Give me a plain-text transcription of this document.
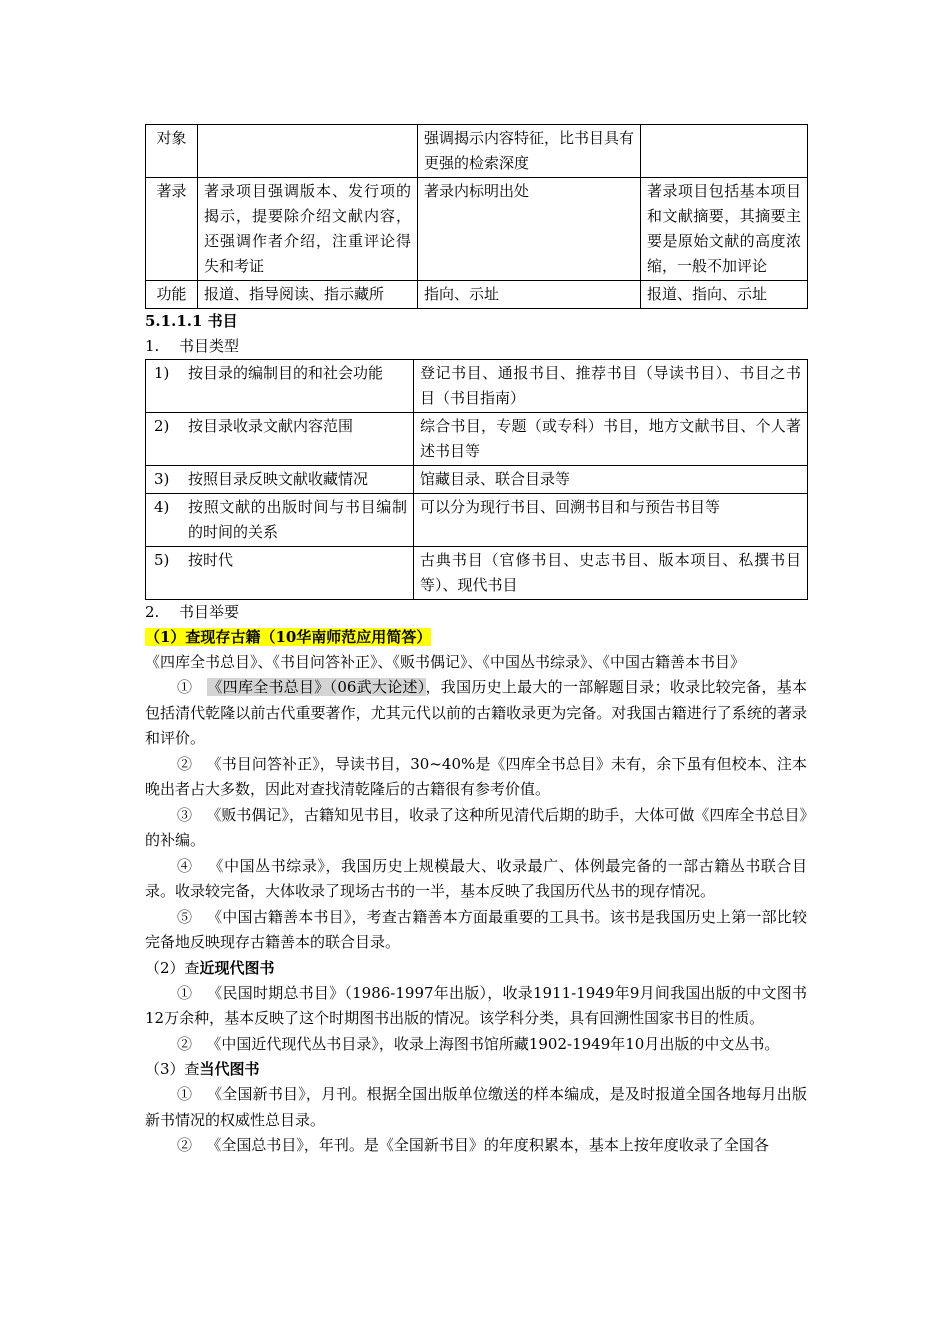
对象		强调揭示内容特征，比书目具有更强的检索深度	
著录	著录项目强调版本、发行项的揭示，提要除介绍文献内容，还强调作者介绍，注重评论得失和考证	著录内标明出处	著录项目包括基本项目和文献摘要，其摘要主要是原始文献的高度浓缩，一般不加评论
功能	报道、指导阅读、指示藏所	指向、示址	报道、指向、示址

5.1.1.1 书目

1. 书目类型

1) 按目录的编制目的和社会功能	登记书目、通报书目、推荐书目（导读书目）、书目之书目（书目指南）

2) 按目录收录文献内容范围	综合书目，专题（或专科）书目，地方文献书目、个人著述书目等

3) 按照目录反映文献收藏情况	馆藏目录、联合目录等

4) 按照文献的出版时间与书目编制的时间的关系	可以分为现行书目、回溯书目和与预告书目等

5) 按时代	古典书目（官修书目、史志书目、版本项目、私撰书目等）、现代书目

2. 书目举要

（1）查现存古籍（10华南师范应用简答）

《四库全书总目》、《书目问答补正》、《贩书偶记》、《中国丛书综录》、《中国古籍善本书目》

① 《四库全书总目》（06武大论述），我国历史上最大的一部解题目录；收录比较完备，基本包括清代乾隆以前古代重要著作，尤其元代以前的古籍收录更为完备。对我国古籍进行了系统的著录和评价。

② 《书目问答补正》，导读书目，30~40%是《四库全书总目》未有，余下虽有但校本、注本晚出者占大多数，因此对查找清乾隆后的古籍很有参考价值。

③ 《贩书偶记》，古籍知见书目，收录了这种所见清代后期的助手，大体可做《四库全书总目》的补编。

④ 《中国丛书综录》，我国历史上规模最大、收录最广、体例最完备的一部古籍丛书联合目录。收录较完备，大体收录了现场古书的一半，基本反映了我国历代丛书的现存情况。

⑤ 《中国古籍善本书目》，考查古籍善本方面最重要的工具书。该书是我国历史上第一部比较完备地反映现存古籍善本的联合目录。

（2）查近现代图书

① 《民国时期总书目》（1986-1997年出版），收录1911-1949年9月间我国出版的中文图书12万余种，基本反映了这个时期图书出版的情况。该学科分类，具有回溯性国家书目的性质。

② 《中国近代现代丛书目录》，收录上海图书馆所藏1902-1949年10月出版的中文丛书。

（3）查当代图书

① 《全国新书目》，月刊。根据全国出版单位缴送的样本编成，是及时报道全国各地每月出版新书情况的权威性总目录。

② 《全国总书目》，年刊。是《全国新书目》的年度积累本，基本上按年度收录了全国各
